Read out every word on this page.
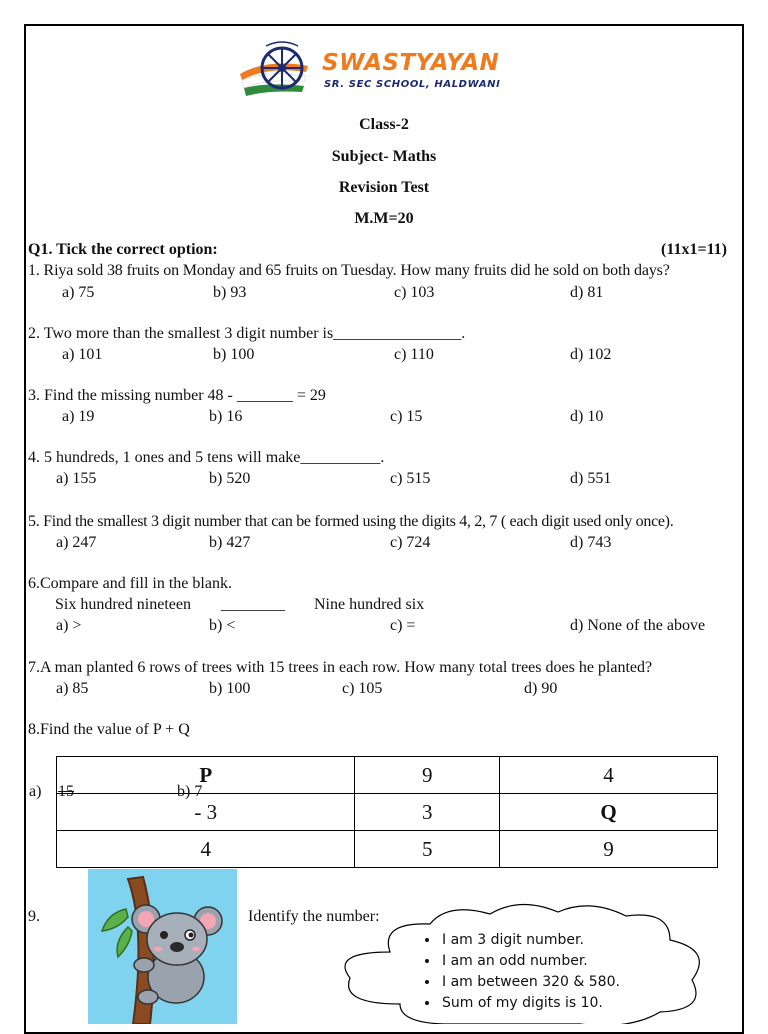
SWASTYAYAN
SR. SEC SCHOOL, HALDWANI
Class-2
Subject- Maths
Revision Test
M.M=20
Q1. Tick the correct option:	(11x1=11)
1. Riya sold 38 fruits on Monday and 65 fruits on Tuesday. How many fruits did he sold on both days?
a) 75	b) 93	c) 103	d) 81
2. Two more than the smallest 3 digit number is________________.
a) 101	b) 100	c) 110	d) 102
3. Find the missing number 48 - _______ = 29
a) 19	b) 16	c) 15	d) 10
4. 5 hundreds, 1 ones and 5 tens will make__________.
a) 155	b) 520	c) 515	d) 551
5. Find the smallest 3 digit number that can be formed using the digits 4, 2, 7 ( each digit used only once).
a) 247	b) 427	c) 724	d) 743
6.Compare and fill in the blank.
Six hundred nineteen ________ Nine hundred six
a) >	b) <	c) =	d) None of the above
7.A man planted 6 rows of trees with 15 trees in each row. How many total trees does he planted?
a) 85	b) 100	c) 105	d) 90
8.Find the value of P + Q
P	9	4
- 3	3	Q
4	5	9
a) 15	b) 7
9.	Identify the number:
• I am 3 digit number.
• I am an odd number.
• I am between 320 & 580.
• Sum of my digits is 10.
